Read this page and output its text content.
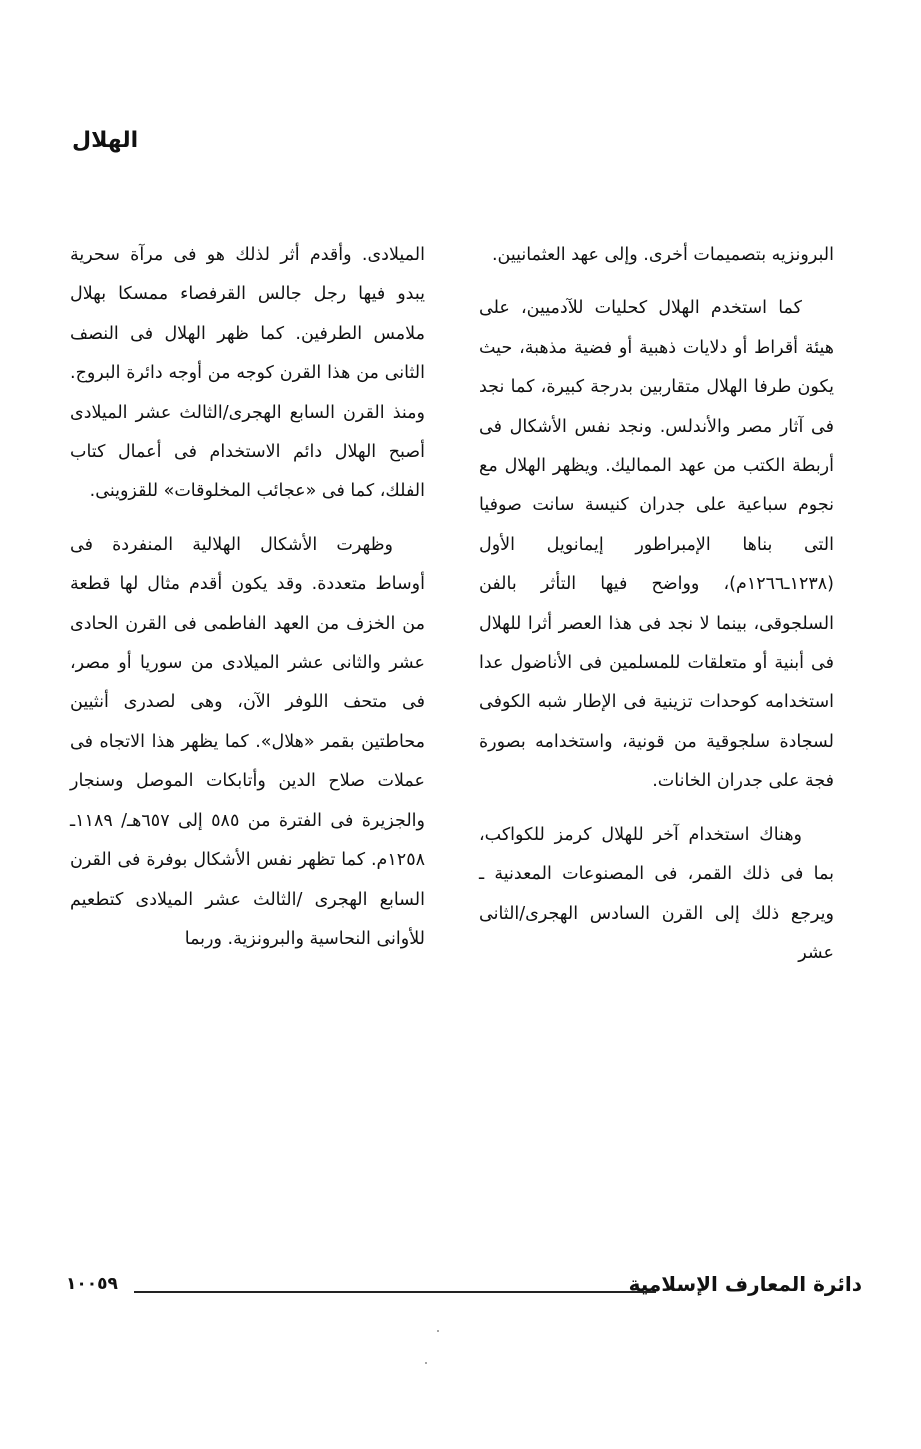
الهلال

البرونزيه بتصميمات أخرى. وإلى عهد العثمانيين.

كما استخدم الهلال كحليات للآدميين، على هيئة أقراط أو دلايات ذهبية أو فضية مذهبة، حيث يكون طرفا الهلال متقاربين بدرجة كبيرة، كما نجد فى آثار مصر والأندلس. ونجد نفس الأشكال فى أربطة الكتب من عهد المماليك. ويظهر الهلال مع نجوم سباعية على جدران كنيسة سانت صوفيا التى بناها الإمبراطور إيمانويل الأول (١٢٣٨ـ١٢٦٦م)، وواضح فيها التأثر بالفن السلجوقى، بينما لا نجد فى هذا العصر أثرا للهلال فى أبنية أو متعلقات للمسلمين فى الأناضول عدا استخدامه كوحدات تزينية فى الإطار شبه الكوفى لسجادة سلجوقية من قونية، واستخدامه بصورة فجة على جدران الخانات.

وهناك استخدام آخر للهلال كرمز للكواكب، بما فى ذلك القمر، فى المصنوعات المعدنية ـ ويرجع ذلك إلى القرن السادس الهجرى/الثانى عشر

الميلادى. وأقدم أثر لذلك هو فى مرآة سحرية يبدو فيها رجل جالس القرفصاء ممسكا بهلال ملامس الطرفين. كما ظهر الهلال فى النصف الثانى من هذا القرن كوجه من أوجه دائرة البروج. ومنذ القرن السابع الهجرى/الثالث عشر الميلادى أصبح الهلال دائم الاستخدام فى أعمال كتاب الفلك، كما فى «عجائب المخلوقات» للقزوينى.

وظهرت الأشكال الهلالية المنفردة فى أوساط متعددة. وقد يكون أقدم مثال لها قطعة من الخزف من العهد الفاطمى فى القرن الحادى عشر والثانى عشر الميلادى من سوريا أو مصر، فى متحف اللوفر الآن، وهى لصدرى أنثيين محاطتين بقمر «هلال». كما يظهر هذا الاتجاه فى عملات صلاح الدين وأتابكات الموصل وسنجار والجزيرة فى الفترة من ٥٨٥ إلى ٦٥٧هـ/ ١١٨٩ـ ١٢٥٨م. كما تظهر نفس الأشكال بوفرة فى القرن السابع الهجرى /الثالث عشر الميلادى كتطعيم للأوانى النحاسية والبرونزية. وربما

دائرة المعارف الإسلامية
١٠٠٥٩
